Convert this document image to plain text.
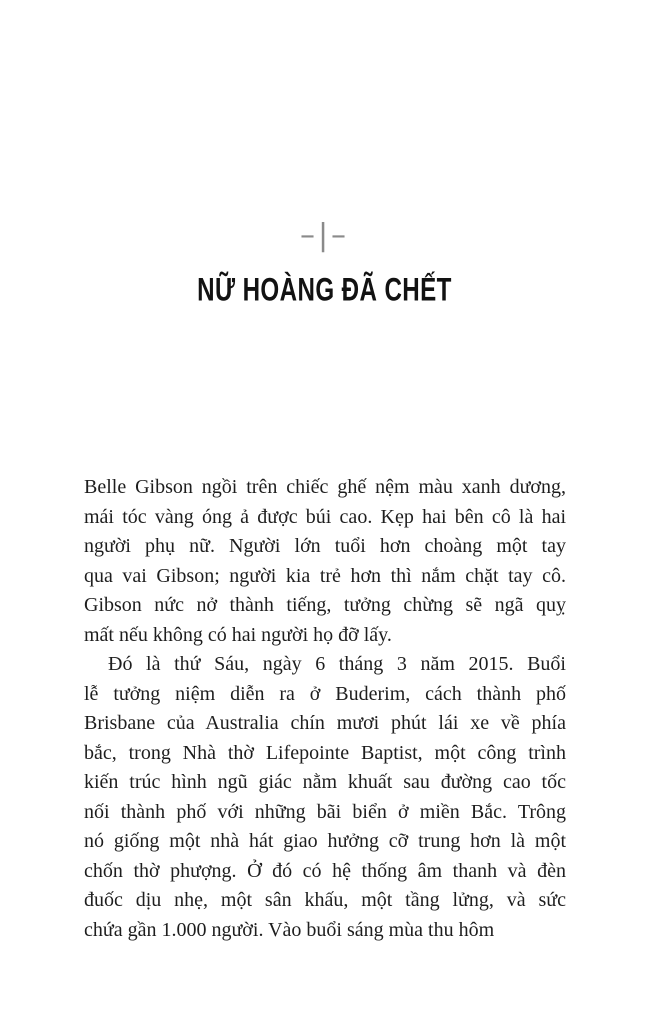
–|–
NỮ HOÀNG ĐÃ CHẾT
Belle Gibson ngồi trên chiếc ghế nệm màu xanh dương,
mái tóc vàng óng ả được búi cao. Kẹp hai bên cô là hai
người phụ nữ. Người lớn tuổi hơn choàng một tay
qua vai Gibson; người kia trẻ hơn thì nắm chặt tay cô.
Gibson nức nở thành tiếng, tưởng chừng sẽ ngã quỵ
mất nếu không có hai người họ đỡ lấy.
Đó là thứ Sáu, ngày 6 tháng 3 năm 2015. Buổi
lễ tưởng niệm diễn ra ở Buderim, cách thành phố
Brisbane của Australia chín mươi phút lái xe về phía
bắc, trong Nhà thờ Lifepointe Baptist, một công trình
kiến trúc hình ngũ giác nằm khuất sau đường cao tốc
nối thành phố với những bãi biển ở miền Bắc. Trông
nó giống một nhà hát giao hưởng cỡ trung hơn là một
chốn thờ phượng. Ở đó có hệ thống âm thanh và đèn
đuốc dịu nhẹ, một sân khấu, một tầng lửng, và sức
chứa gần 1.000 người. Vào buổi sáng mùa thu hôm
